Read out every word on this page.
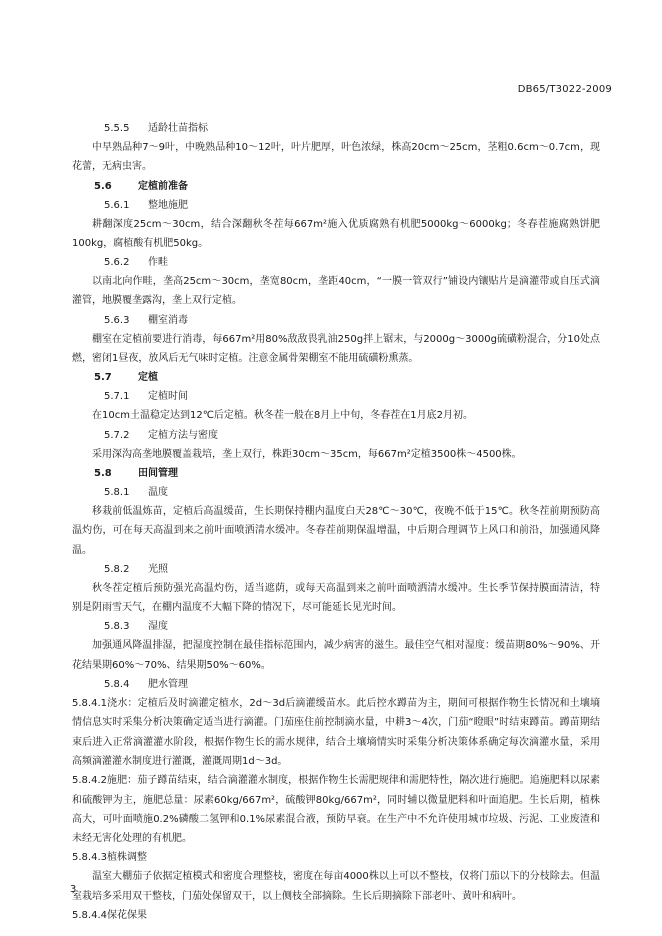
DB65/T3022-2009
5.5.5 适龄壮苗指标

中早熟品种7～9叶，中晚熟品种10～12叶，叶片肥厚，叶色浓绿，株高20cm～25cm，茎粗0.6cm～0.7cm，现花蕾，无病虫害。

5.6	定植前准备
5.6.1 整地施肥

耕翻深度25cm～30cm，结合深翻秋冬茬每667m²施入优质腐熟有机肥5000kg～6000kg；冬春茬施腐熟饼肥100kg，腐植酸有机肥50kg。

5.6.2 作畦

以南北向作畦，垄高25cm～30cm，垄宽80cm，垄距40cm，“一膜一管双行”铺设内镶贴片是滴灌带或自压式滴灌管，地膜覆垄露沟，垄上双行定植。

5.6.3 棚室消毒

棚室在定植前要进行消毒，每667m²用80%敌敌畏乳油250g拌上锯末，与2000g～3000g硫磺粉混合，分10处点燃，密闭1昼夜，放风后无气味时定植。注意金属骨架棚室不能用硫磺粉熏蒸。

5.7	定植
5.7.1 定植时间

在10cm土温稳定达到12℃后定植。秋冬茬一般在8月上中旬，冬春茬在1月底2月初。

5.7.2 定植方法与密度

采用深沟高垄地膜覆盖栽培，垄上双行，株距30cm～35cm，每667m²定植3500株～4500株。

5.8	田间管理
5.8.1 温度

移栽前低温炼苗，定植后高温缓苗，生长期保持棚内温度白天28℃～30℃，夜晚不低于15℃。秋冬茬前期预防高温灼伤，可在每天高温到来之前叶面喷洒清水缓冲。冬春茬前期保温增温，中后期合理调节上风口和前沿，加强通风降温。

5.8.2 光照

秋冬茬定植后预防强光高温灼伤，适当遮荫，或每天高温到来之前叶面喷洒清水缓冲。生长季节保持膜面清洁，特别是阴雨雪天气，在棚内温度不大幅下降的情况下，尽可能延长见光时间。

5.8.3 湿度

加强通风降温排湿，把湿度控制在最佳指标范围内，减少病害的滋生。最佳空气相对湿度：缓苗期80%～90%、开花结果期60%～70%、结果期50%～60%。

5.8.4 肥水管理

5.8.4.1浇水：定植后及时滴灌定植水，2d～3d后滴灌缓苗水。此后控水蹲苗为主，期间可根据作物生长情况和土壤墒情信息实时采集分析决策确定适当进行滴灌。门茄座住前控制滴水量，中耕3～4次，门茄“瞪眼”时结束蹲苗。蹲苗期结束后进入正常滴灌灌水阶段，根据作物生长的需水规律，结合土壤墒情实时采集分析决策体系确定每次滴灌水量，采用高频滴灌灌水制度进行灌溉，灌溉周期1d～3d。

5.8.4.2施肥：茄子蹲苗结束，结合滴灌灌水制度，根据作物生长需肥规律和需肥特性，隔次进行施肥。追施肥料以尿素和硫酸钾为主，施肥总量：尿素60kg/667m²，硫酸钾80kg/667m²，同时辅以微量肥料和叶面追肥。生长后期，植株高大，可叶面喷施0.2%磷酸二氢钾和0.1%尿素混合液，预防早衰。在生产中不允许使用城市垃圾、污泥、工业废渣和未经无害化处理的有机肥。

5.8.4.3植株调整

温室大棚茄子依据定植模式和密度合理整枝，密度在每亩4000株以上可以不整枝，仅将门茄以下的分枝除去。但温室栽培多采用双干整枝，门茄处保留双干，以上侧枝全部摘除。生长后期摘除下部老叶、黄叶和病叶。

5.8.4.4保花保果
3
